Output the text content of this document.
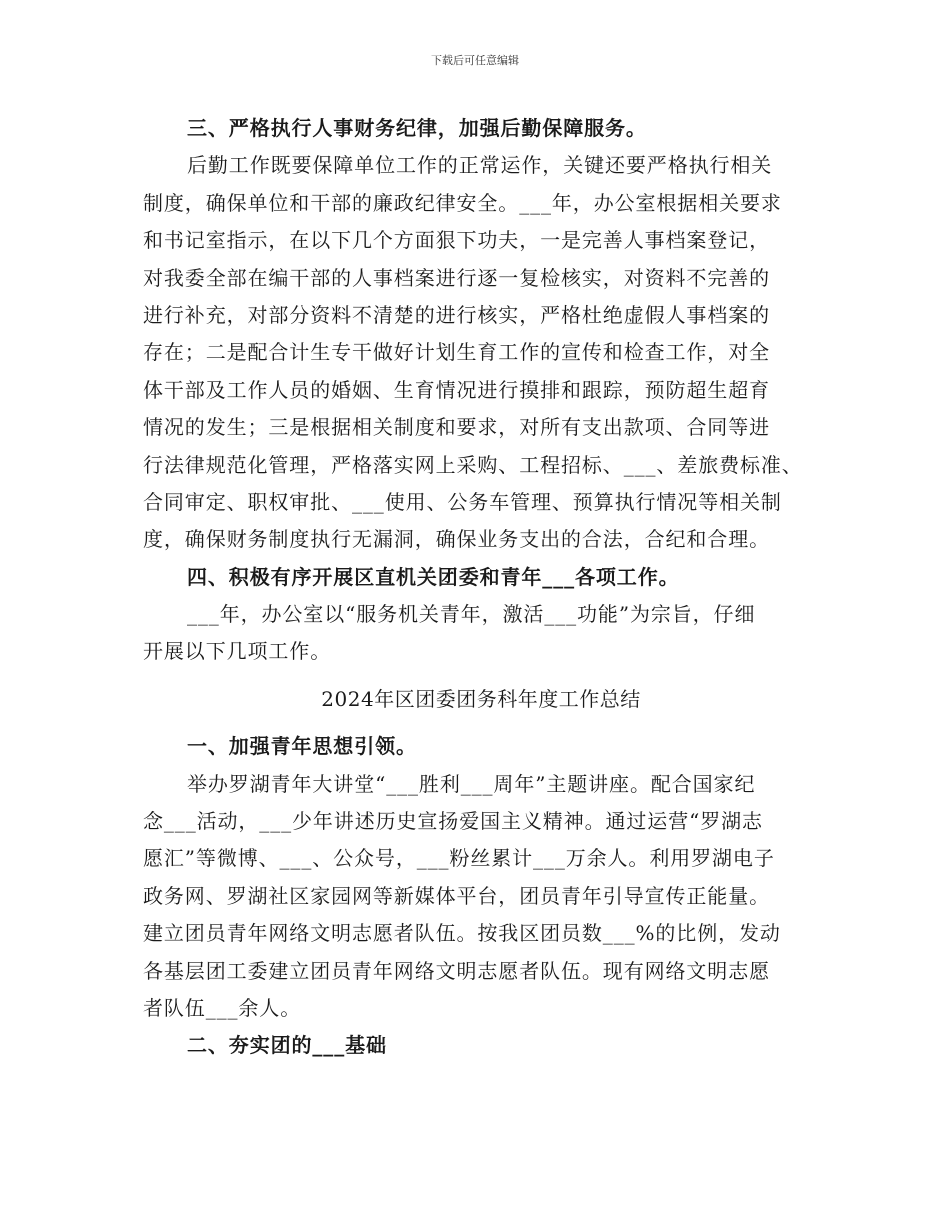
下载后可任意编辑
三、严格执行人事财务纪律，加强后勤保障服务。
后勤工作既要保障单位工作的正常运作，关键还要严格执行相关
制度，确保单位和干部的廉政纪律安全。___年，办公室根据相关要求
和书记室指示，在以下几个方面狠下功夫，一是完善人事档案登记，
对我委全部在编干部的人事档案进行逐一复检核实，对资料不完善的
进行补充，对部分资料不清楚的进行核实，严格杜绝虚假人事档案的
存在；二是配合计生专干做好计划生育工作的宣传和检查工作，对全
体干部及工作人员的婚姻、生育情况进行摸排和跟踪，预防超生超育
情况的发生；三是根据相关制度和要求，对所有支出款项、合同等进
行法律规范化管理，严格落实网上采购、工程招标、___、差旅费标准、
合同审定、职权审批、___使用、公务车管理、预算执行情况等相关制
度，确保财务制度执行无漏洞，确保业务支出的合法，合纪和合理。
四、积极有序开展区直机关团委和青年___各项工作。
___年，办公室以“服务机关青年，激活___功能”为宗旨，仔细
开展以下几项工作。
2024年区团委团务科年度工作总结
一、加强青年思想引领。
举办罗湖青年大讲堂“___胜利___周年”主题讲座。配合国家纪
念___活动，___少年讲述历史宣扬爱国主义精神。通过运营“罗湖志
愿汇”等微博、___、公众号，___粉丝累计___万余人。利用罗湖电子
政务网、罗湖社区家园网等新媒体平台，团员青年引导宣传正能量。
建立团员青年网络文明志愿者队伍。按我区团员数___%的比例，发动
各基层团工委建立团员青年网络文明志愿者队伍。现有网络文明志愿
者队伍___余人。
二、夯实团的___基础
